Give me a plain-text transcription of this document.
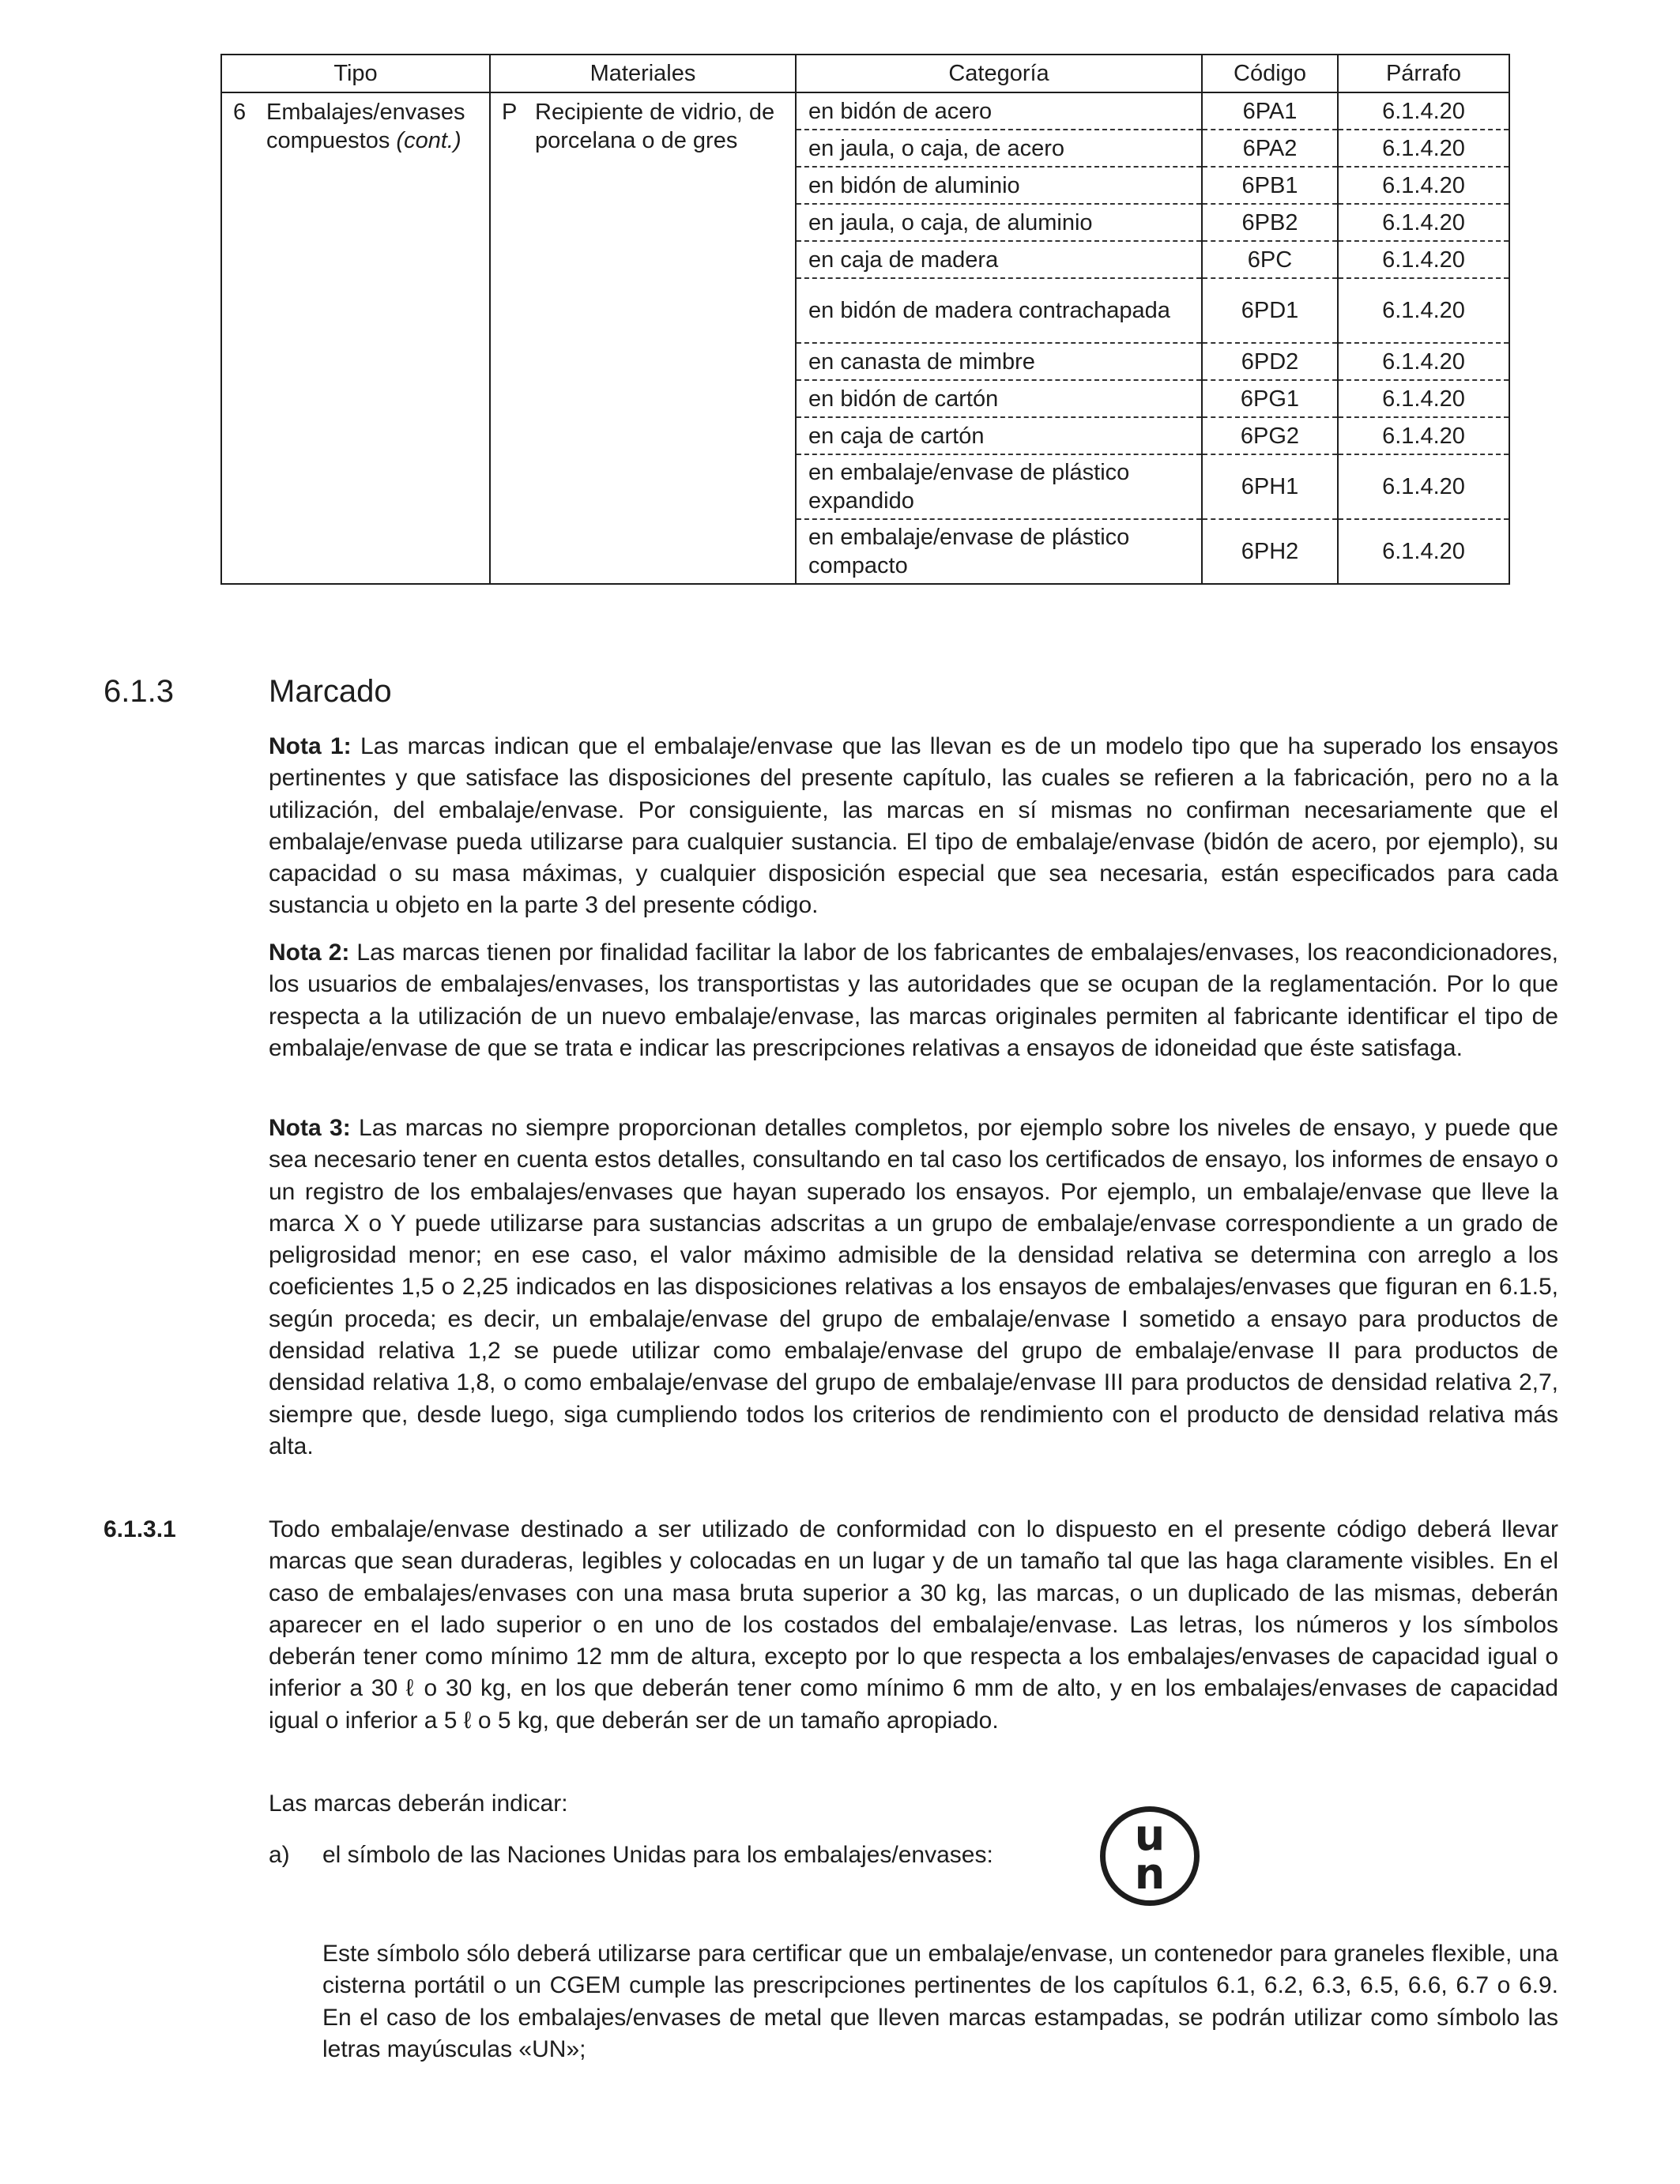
Tipo	Materiales	Categoría	Código	Párrafo
6 Embalajes/envases compuestos (cont.)	P Recipiente de vidrio, de porcelana o de gres	en bidón de acero	6PA1	6.1.4.20
		en jaula, o caja, de acero	6PA2	6.1.4.20
		en bidón de aluminio	6PB1	6.1.4.20
		en jaula, o caja, de aluminio	6PB2	6.1.4.20
		en caja de madera	6PC	6.1.4.20
		en bidón de madera contrachapada	6PD1	6.1.4.20
		en canasta de mimbre	6PD2	6.1.4.20
		en bidón de cartón	6PG1	6.1.4.20
		en caja de cartón	6PG2	6.1.4.20
		en embalaje/envase de plástico expandido	6PH1	6.1.4.20
		en embalaje/envase de plástico compacto	6PH2	6.1.4.20
6.1.3	Marcado
Nota 1: Las marcas indican que el embalaje/envase que las llevan es de un modelo tipo que ha superado los ensayos pertinentes y que satisface las disposiciones del presente capítulo, las cuales se refieren a la fabricación, pero no a la utilización, del embalaje/envase. Por consiguiente, las marcas en sí mismas no confirman necesariamente que el embalaje/envase pueda utilizarse para cualquier sustancia. El tipo de embalaje/envase (bidón de acero, por ejemplo), su capacidad o su masa máximas, y cualquier disposición especial que sea necesaria, están especificados para cada sustancia u objeto en la parte 3 del presente código.
Nota 2: Las marcas tienen por finalidad facilitar la labor de los fabricantes de embalajes/envases, los reacondicionadores, los usuarios de embalajes/envases, los transportistas y las autoridades que se ocupan de la reglamentación. Por lo que respecta a la utilización de un nuevo embalaje/envase, las marcas originales permiten al fabricante identificar el tipo de embalaje/envase de que se trata e indicar las prescripciones relativas a ensayos de idoneidad que éste satisfaga.
Nota 3: Las marcas no siempre proporcionan detalles completos, por ejemplo sobre los niveles de ensayo, y puede que sea necesario tener en cuenta estos detalles, consultando en tal caso los certificados de ensayo, los informes de ensayo o un registro de los embalajes/envases que hayan superado los ensayos. Por ejemplo, un embalaje/envase que lleve la marca X o Y puede utilizarse para sustancias adscritas a un grupo de embalaje/envase correspondiente a un grado de peligrosidad menor; en ese caso, el valor máximo admisible de la densidad relativa se determina con arreglo a los coeficientes 1,5 o 2,25 indicados en las disposiciones relativas a los ensayos de embalajes/envases que figuran en 6.1.5, según proceda; es decir, un embalaje/envase del grupo de embalaje/envase I sometido a ensayo para productos de densidad relativa 1,2 se puede utilizar como embalaje/envase del grupo de embalaje/envase II para productos de densidad relativa 1,8, o como embalaje/envase del grupo de embalaje/envase III para productos de densidad relativa 2,7, siempre que, desde luego, siga cumpliendo todos los criterios de rendimiento con el producto de densidad relativa más alta.
6.1.3.1	Todo embalaje/envase destinado a ser utilizado de conformidad con lo dispuesto en el presente código deberá llevar marcas que sean duraderas, legibles y colocadas en un lugar y de un tamaño tal que las haga claramente visibles. En el caso de embalajes/envases con una masa bruta superior a 30 kg, las marcas, o un duplicado de las mismas, deberán aparecer en el lado superior o en uno de los costados del embalaje/envase. Las letras, los números y los símbolos deberán tener como mínimo 12 mm de altura, excepto por lo que respecta a los embalajes/envases de capacidad igual o inferior a 30 ℓ o 30 kg, en los que deberán tener como mínimo 6 mm de alto, y en los embalajes/envases de capacidad igual o inferior a 5 ℓ o 5 kg, que deberán ser de un tamaño apropiado.
Las marcas deberán indicar:
a) el símbolo de las Naciones Unidas para los embalajes/envases:	u
n
Este símbolo sólo deberá utilizarse para certificar que un embalaje/envase, un contenedor para graneles flexible, una cisterna portátil o un CGEM cumple las prescripciones pertinentes de los capítulos 6.1, 6.2, 6.3, 6.5, 6.6, 6.7 o 6.9. En el caso de los embalajes/envases de metal que lleven marcas estampadas, se podrán utilizar como símbolo las letras mayúsculas «UN»;
